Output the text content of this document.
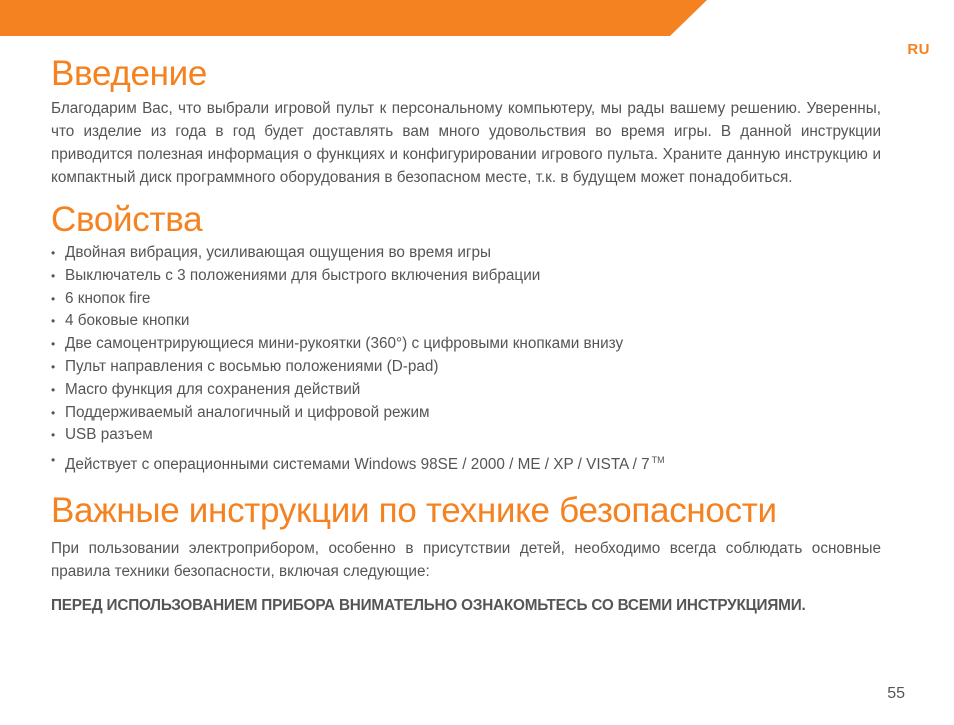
RU
Введение

Благодарим Вас, что выбрали игровой пульт к персональному компьютеру, мы рады вашему решению. Уверенны, что изделие из года в год будет доставлять вам много удовольствия во время игры. В данной инструкции приводится полезная информация о функциях и конфигурировании игрового пульта. Храните данную инструкцию и компактный диск программного оборудования в безопасном месте, т.к. в будущем может понадобиться.

Свойства
• Двойная вибрация, усиливающая ощущения во время игры
• Выключатель с 3 положениями для быстрого включения вибрации
• 6 кнопок fire
• 4 боковые кнопки
• Две самоцентрирующиеся мини-рукоятки (360°) с цифровыми кнопками внизу
• Пульт направления с восьмью положениями (D-pad)
• Macro функция для сохранения действий
• Поддерживаемый аналогичный и цифровой режим
• USB разъем
• Действует с операционными системами Windows 98SE / 2000 / ME / XP / VISTA / 7 ™
Важные инструкции по технике безопасности

При пользовании электроприбором, особенно в присутствии детей, необходимо всегда соблюдать основные правила техники безопасности, включая следующие:

ПЕРЕД ИСПОЛЬЗОВАНИЕМ ПРИБОРА ВНИМАТЕЛЬНО ОЗНАКОМЬТЕСЬ СО ВСЕМИ ИНСТРУКЦИЯМИ.

55
